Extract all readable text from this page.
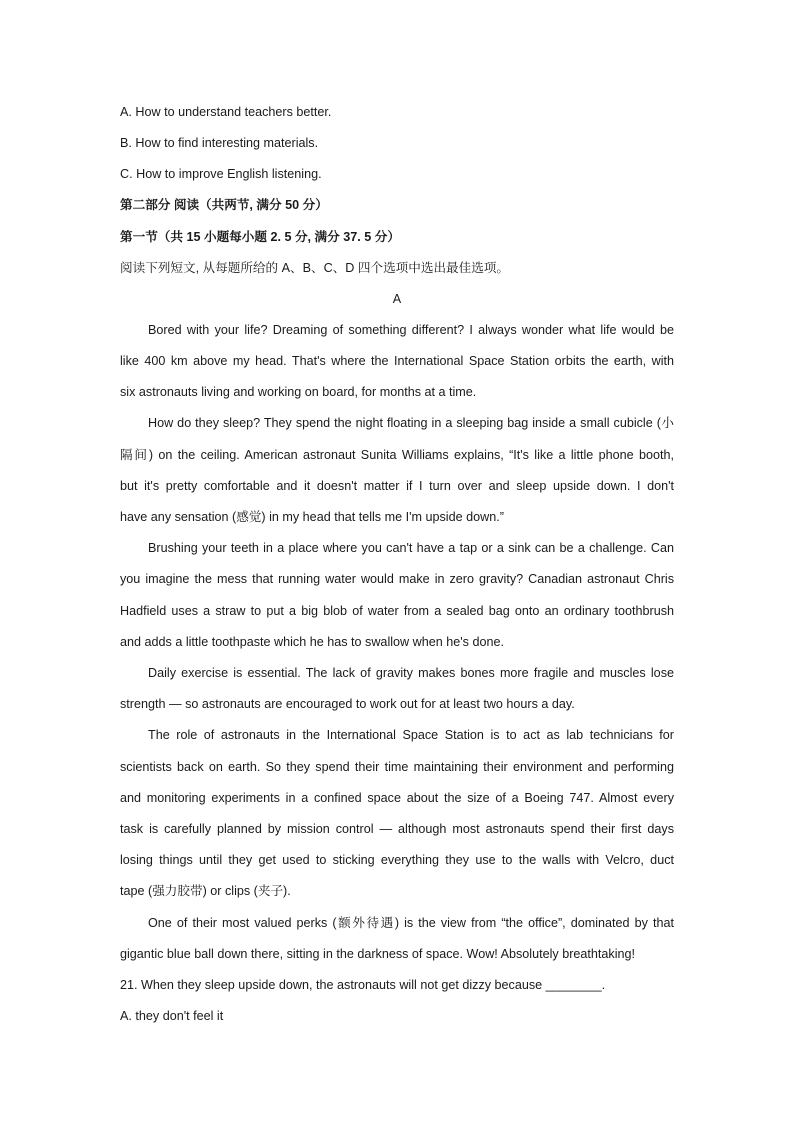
A. How to understand teachers better.
B. How to find interesting materials.
C. How to improve English listening.
第二部分 阅读（共两节, 满分 50 分）
第一节（共 15 小题每小题 2. 5 分, 满分 37. 5 分）
阅读下列短文, 从每题所给的 A、B、C、D 四个选项中选出最佳选项。
A
Bored with your life? Dreaming of something different? I always wonder what life would be
like 400 km above my head. That's where the International Space Station orbits the earth, with
six astronauts living and working on board, for months at a time.
How do they sleep? They spend the night floating in a sleeping bag inside a small cubicle (小
隔间) on the ceiling. American astronaut Sunita Williams explains, “It's like a little phone booth,
but it's pretty comfortable and it doesn't matter if I turn over and sleep upside down. I don't
have any sensation (感觉) in my head that tells me I'm upside down.”
Brushing your teeth in a place where you can't have a tap or a sink can be a challenge. Can
you imagine the mess that running water would make in zero gravity? Canadian astronaut Chris
Hadfield uses a straw to put a big blob of water from a sealed bag onto an ordinary toothbrush
and adds a little toothpaste which he has to swallow when he's done.
Daily exercise is essential. The lack of gravity makes bones more fragile and muscles lose
strength — so astronauts are encouraged to work out for at least two hours a day.
The role of astronauts in the International Space Station is to act as lab technicians for
scientists back on earth. So they spend their time maintaining their environment and performing
and monitoring experiments in a confined space about the size of a Boeing 747. Almost every
task is carefully planned by mission control — although most astronauts spend their first days
losing things until they get used to sticking everything they use to the walls with Velcro, duct
tape (强力胶带) or clips (夹子).
One of their most valued perks (额外待遇) is the view from “the office”, dominated by that
gigantic blue ball down there, sitting in the darkness of space. Wow! Absolutely breathtaking!
21. When they sleep upside down, the astronauts will not get dizzy because ________.
A. they don't feel it
